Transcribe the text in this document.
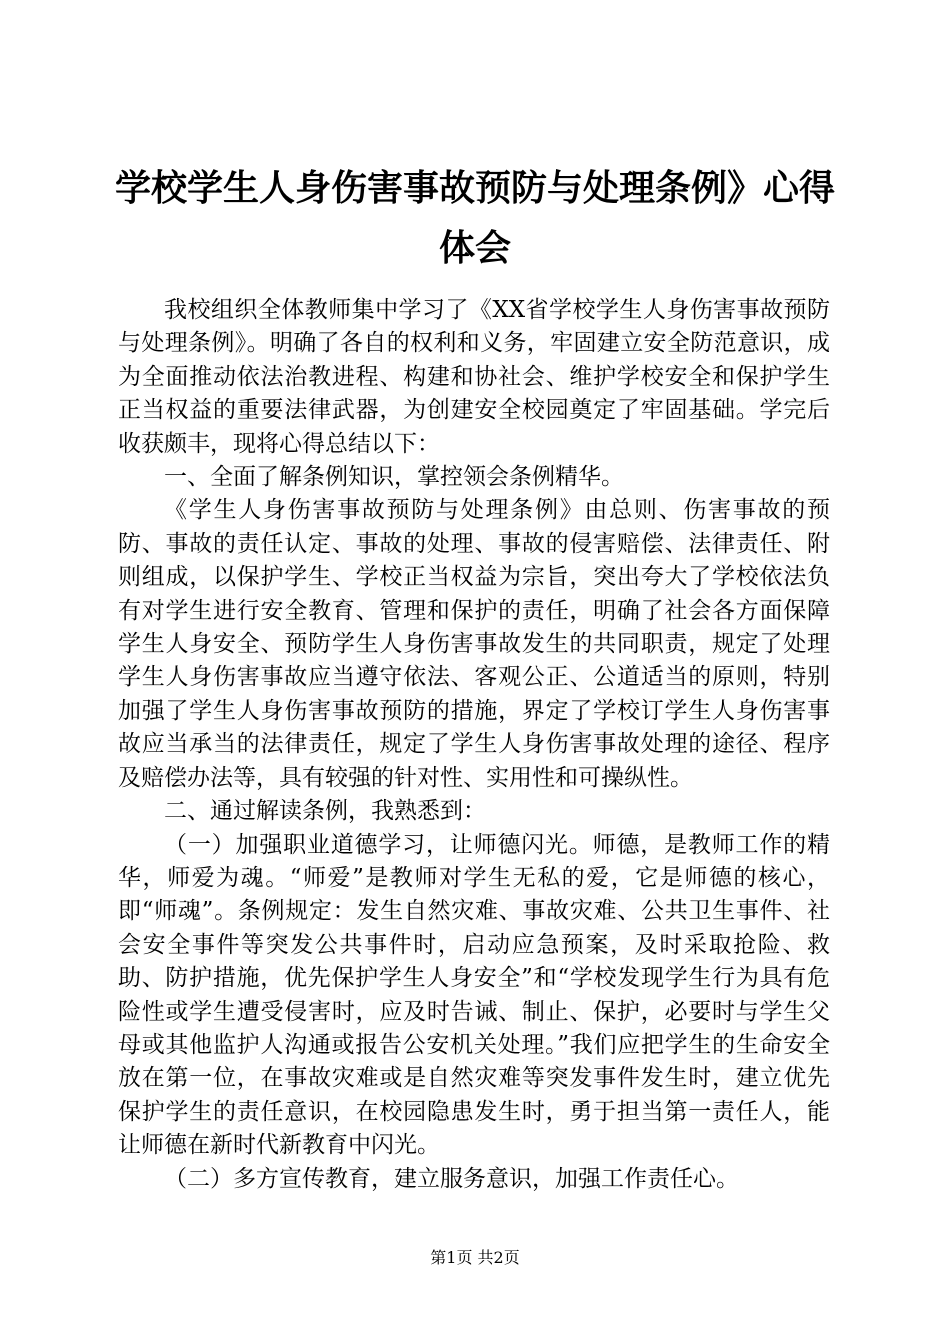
学校学生人身伤害事故预防与处理条例》心得体会

我校组织全体教师集中学习了《XX省学校学生人身伤害事故预防与处理条例》。明确了各自的权利和义务，牢固建立安全防范意识，成为全面推动依法治教进程、构建和协社会、维护学校安全和保护学生正当权益的重要法律武器，为创建安全校园奠定了牢固基础。学完后收获颇丰，现将心得总结以下：

一、全面了解条例知识，掌控领会条例精华。

《学生人身伤害事故预防与处理条例》由总则、伤害事故的预防、事故的责任认定、事故的处理、事故的侵害赔偿、法律责任、附则组成，以保护学生、学校正当权益为宗旨，突出夸大了学校依法负有对学生进行安全教育、管理和保护的责任，明确了社会各方面保障学生人身安全、预防学生人身伤害事故发生的共同职责，规定了处理学生人身伤害事故应当遵守依法、客观公正、公道适当的原则，特别加强了学生人身伤害事故预防的措施，界定了学校订学生人身伤害事故应当承当的法律责任，规定了学生人身伤害事故处理的途径、程序及赔偿办法等，具有较强的针对性、实用性和可操纵性。

二、通过解读条例，我熟悉到：

（一）加强职业道德学习，让师德闪光。师德，是教师工作的精华，师爱为魂。“师爱”是教师对学生无私的爱，它是师德的核心，即“师魂”。条例规定：发生自然灾难、事故灾难、公共卫生事件、社会安全事件等突发公共事件时，启动应急预案，及时采取抢险、救助、防护措施，优先保护学生人身安全”和“学校发现学生行为具有危险性或学生遭受侵害时，应及时告诫、制止、保护，必要时与学生父母或其他监护人沟通或报告公安机关处理。”我们应把学生的生命安全放在第一位，在事故灾难或是自然灾难等突发事件发生时，建立优先保护学生的责任意识，在校园隐患发生时，勇于担当第一责任人，能让师德在新时代新教育中闪光。

（二）多方宣传教育，建立服务意识，加强工作责任心。

第1页 共2页
